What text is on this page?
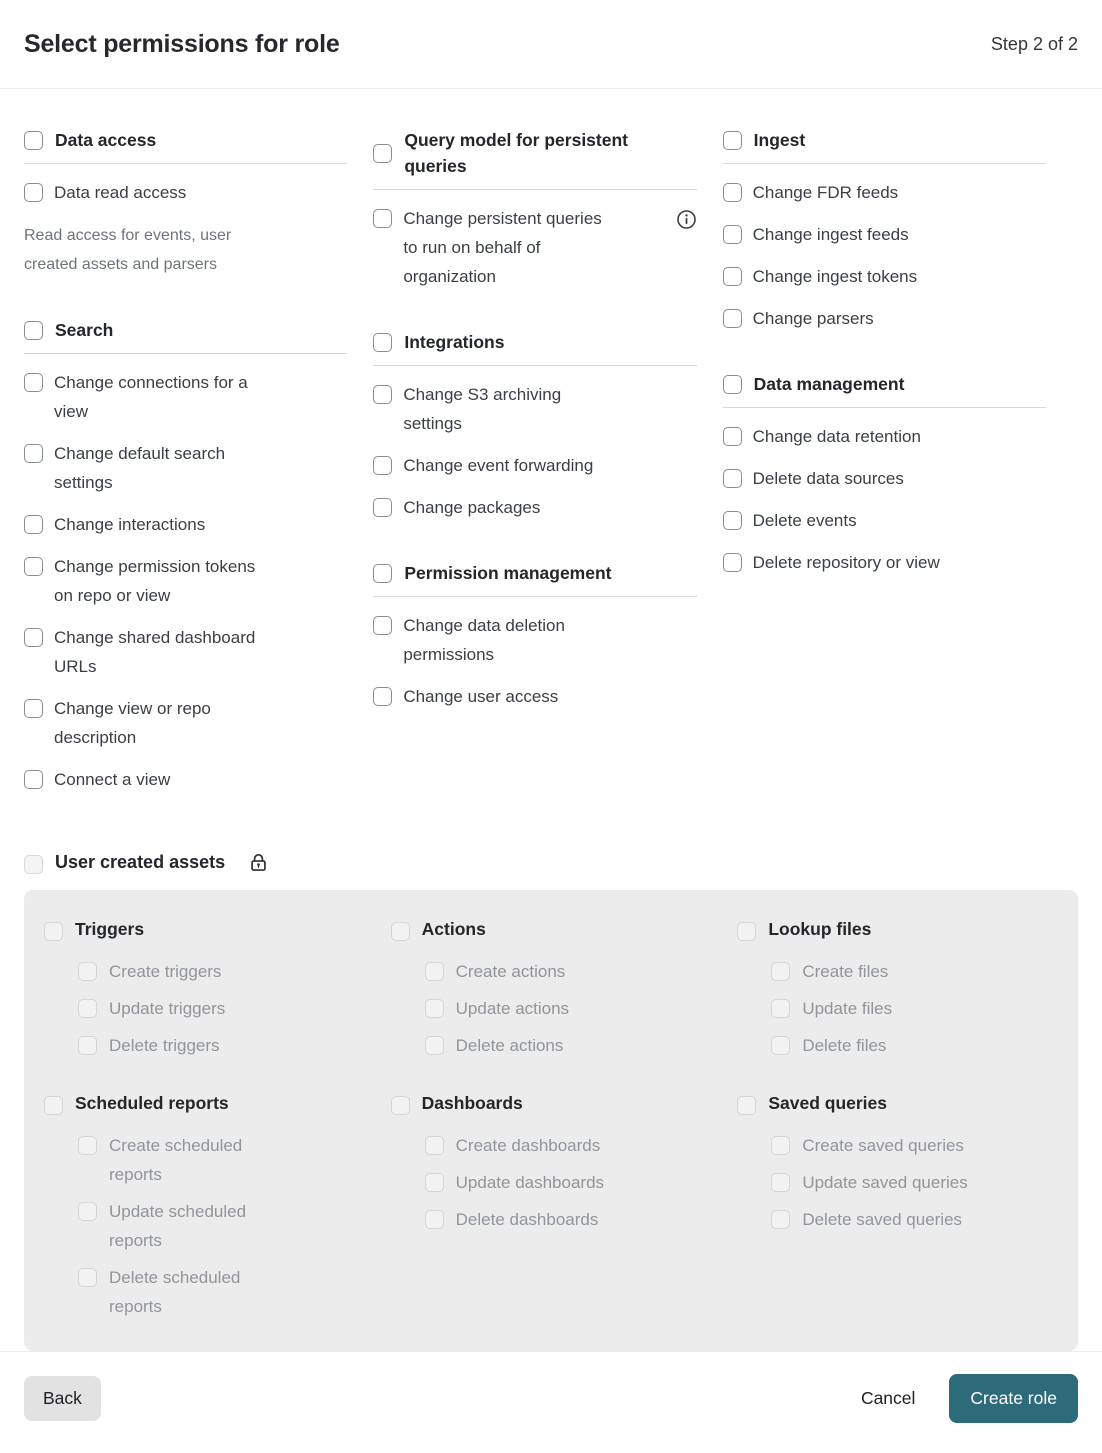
Select permissions for role	Step 2 of 2
Data access
Data read access
Read access for events, user created assets and parsers
Search
Change connections for a view
Change default search settings
Change interactions
Change permission tokens on repo or view
Change shared dashboard URLs
Change view or repo description
Connect a view
Query model for persistent queries
Change persistent queries to run on behalf of organization
Integrations
Change S3 archiving settings
Change event forwarding
Change packages
Permission management
Change data deletion permissions
Change user access
Ingest
Change FDR feeds
Change ingest feeds
Change ingest tokens
Change parsers
Data management
Change data retention
Delete data sources
Delete events
Delete repository or view
User created assets
Triggers
Create triggers
Update triggers
Delete triggers
Actions
Create actions
Update actions
Delete actions
Lookup files
Create files
Update files
Delete files
Scheduled reports
Create scheduled reports
Update scheduled reports
Delete scheduled reports
Dashboards
Create dashboards
Update dashboards
Delete dashboards
Saved queries
Create saved queries
Update saved queries
Delete saved queries
Back	Cancel	Create role
